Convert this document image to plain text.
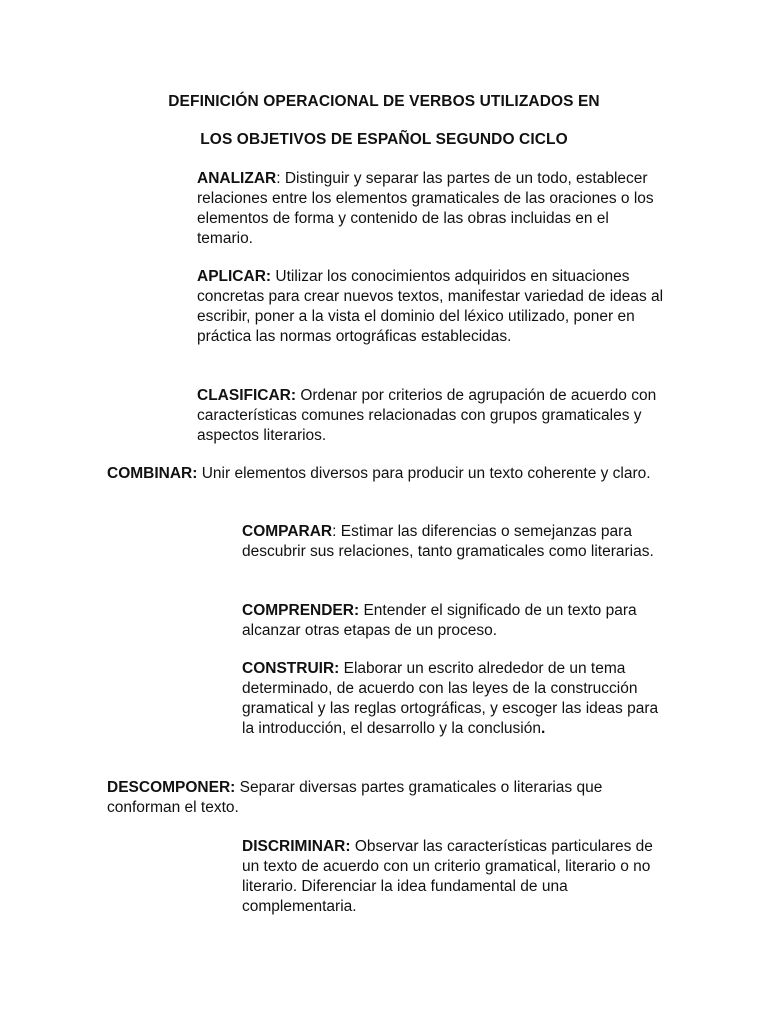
DEFINICIÓN OPERACIONAL DE VERBOS UTILIZADOS EN
LOS OBJETIVOS DE ESPAÑOL SEGUNDO CICLO

ANALIZAR: Distinguir y separar las partes de un todo, establecer relaciones entre los elementos gramaticales de las oraciones o los elementos de forma y contenido de las obras incluidas en el temario.

APLICAR: Utilizar los conocimientos adquiridos en situaciones concretas para crear nuevos textos, manifestar variedad de ideas al escribir, poner a la vista el dominio del léxico utilizado, poner en práctica las normas ortográficas establecidas.

CLASIFICAR: Ordenar por criterios de agrupación de acuerdo con características comunes relacionadas con grupos gramaticales y aspectos literarios.

COMBINAR: Unir elementos diversos para producir un texto coherente y claro.

COMPARAR: Estimar las diferencias o semejanzas para descubrir sus relaciones, tanto gramaticales como literarias.

COMPRENDER: Entender el significado de un texto para alcanzar otras etapas de un proceso.

CONSTRUIR: Elaborar un escrito alrededor de un tema determinado, de acuerdo con las leyes de la construcción gramatical y las reglas ortográficas, y escoger las ideas para la introducción, el desarrollo y la conclusión.

DESCOMPONER: Separar diversas partes gramaticales o literarias que conforman el texto.

DISCRIMINAR: Observar las características particulares de un texto de acuerdo con un criterio gramatical, literario o no literario. Diferenciar la idea fundamental de una complementaria.
